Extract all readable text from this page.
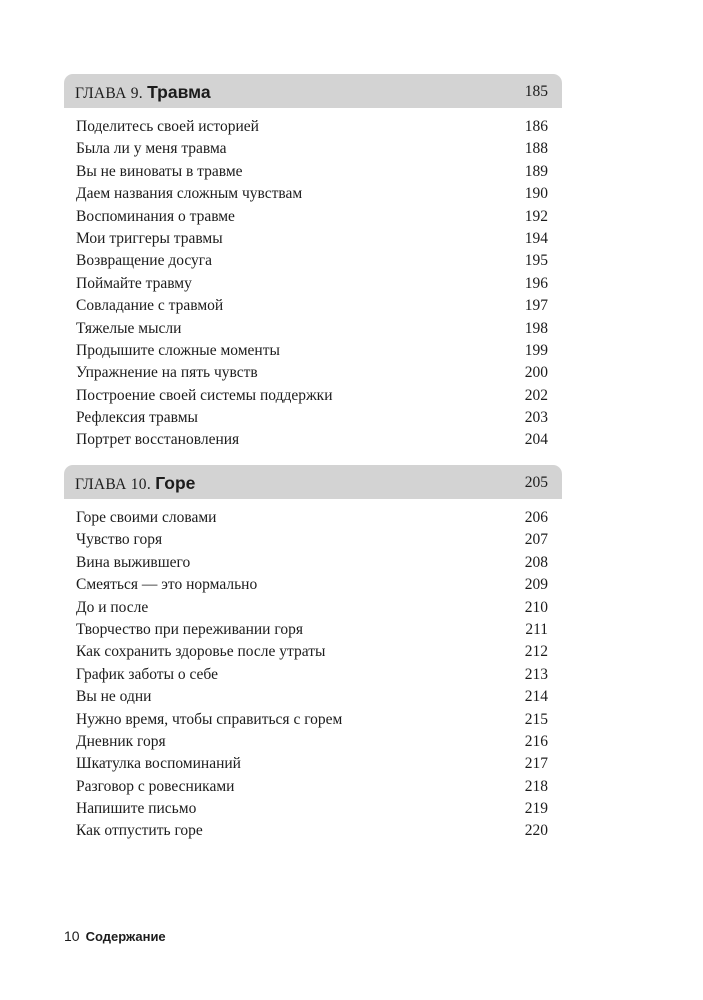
ГЛАВА 9. Травма	185
Поделитесь своей историей	186
Была ли у меня травма	188
Вы не виноваты в травме	189
Даем названия сложным чувствам	190
Воспоминания о травме	192
Мои триггеры травмы	194
Возвращение досуга	195
Поймайте травму	196
Совладание с травмой	197
Тяжелые мысли	198
Продышите сложные моменты	199
Упражнение на пять чувств	200
Построение своей системы поддержки	202
Рефлексия травмы	203
Портрет восстановления	204
ГЛАВА 10. Горе	205
Горе своими словами	206
Чувство горя	207
Вина выжившего	208
Смеяться — это нормально	209
До и после	210
Творчество при переживании горя	211
Как сохранить здоровье после утраты	212
График заботы о себе	213
Вы не одни	214
Нужно время, чтобы справиться с горем	215
Дневник горя	216
Шкатулка воспоминаний	217
Разговор с ровесниками	218
Напишите письмо	219
Как отпустить горе	220
10 Содержание
